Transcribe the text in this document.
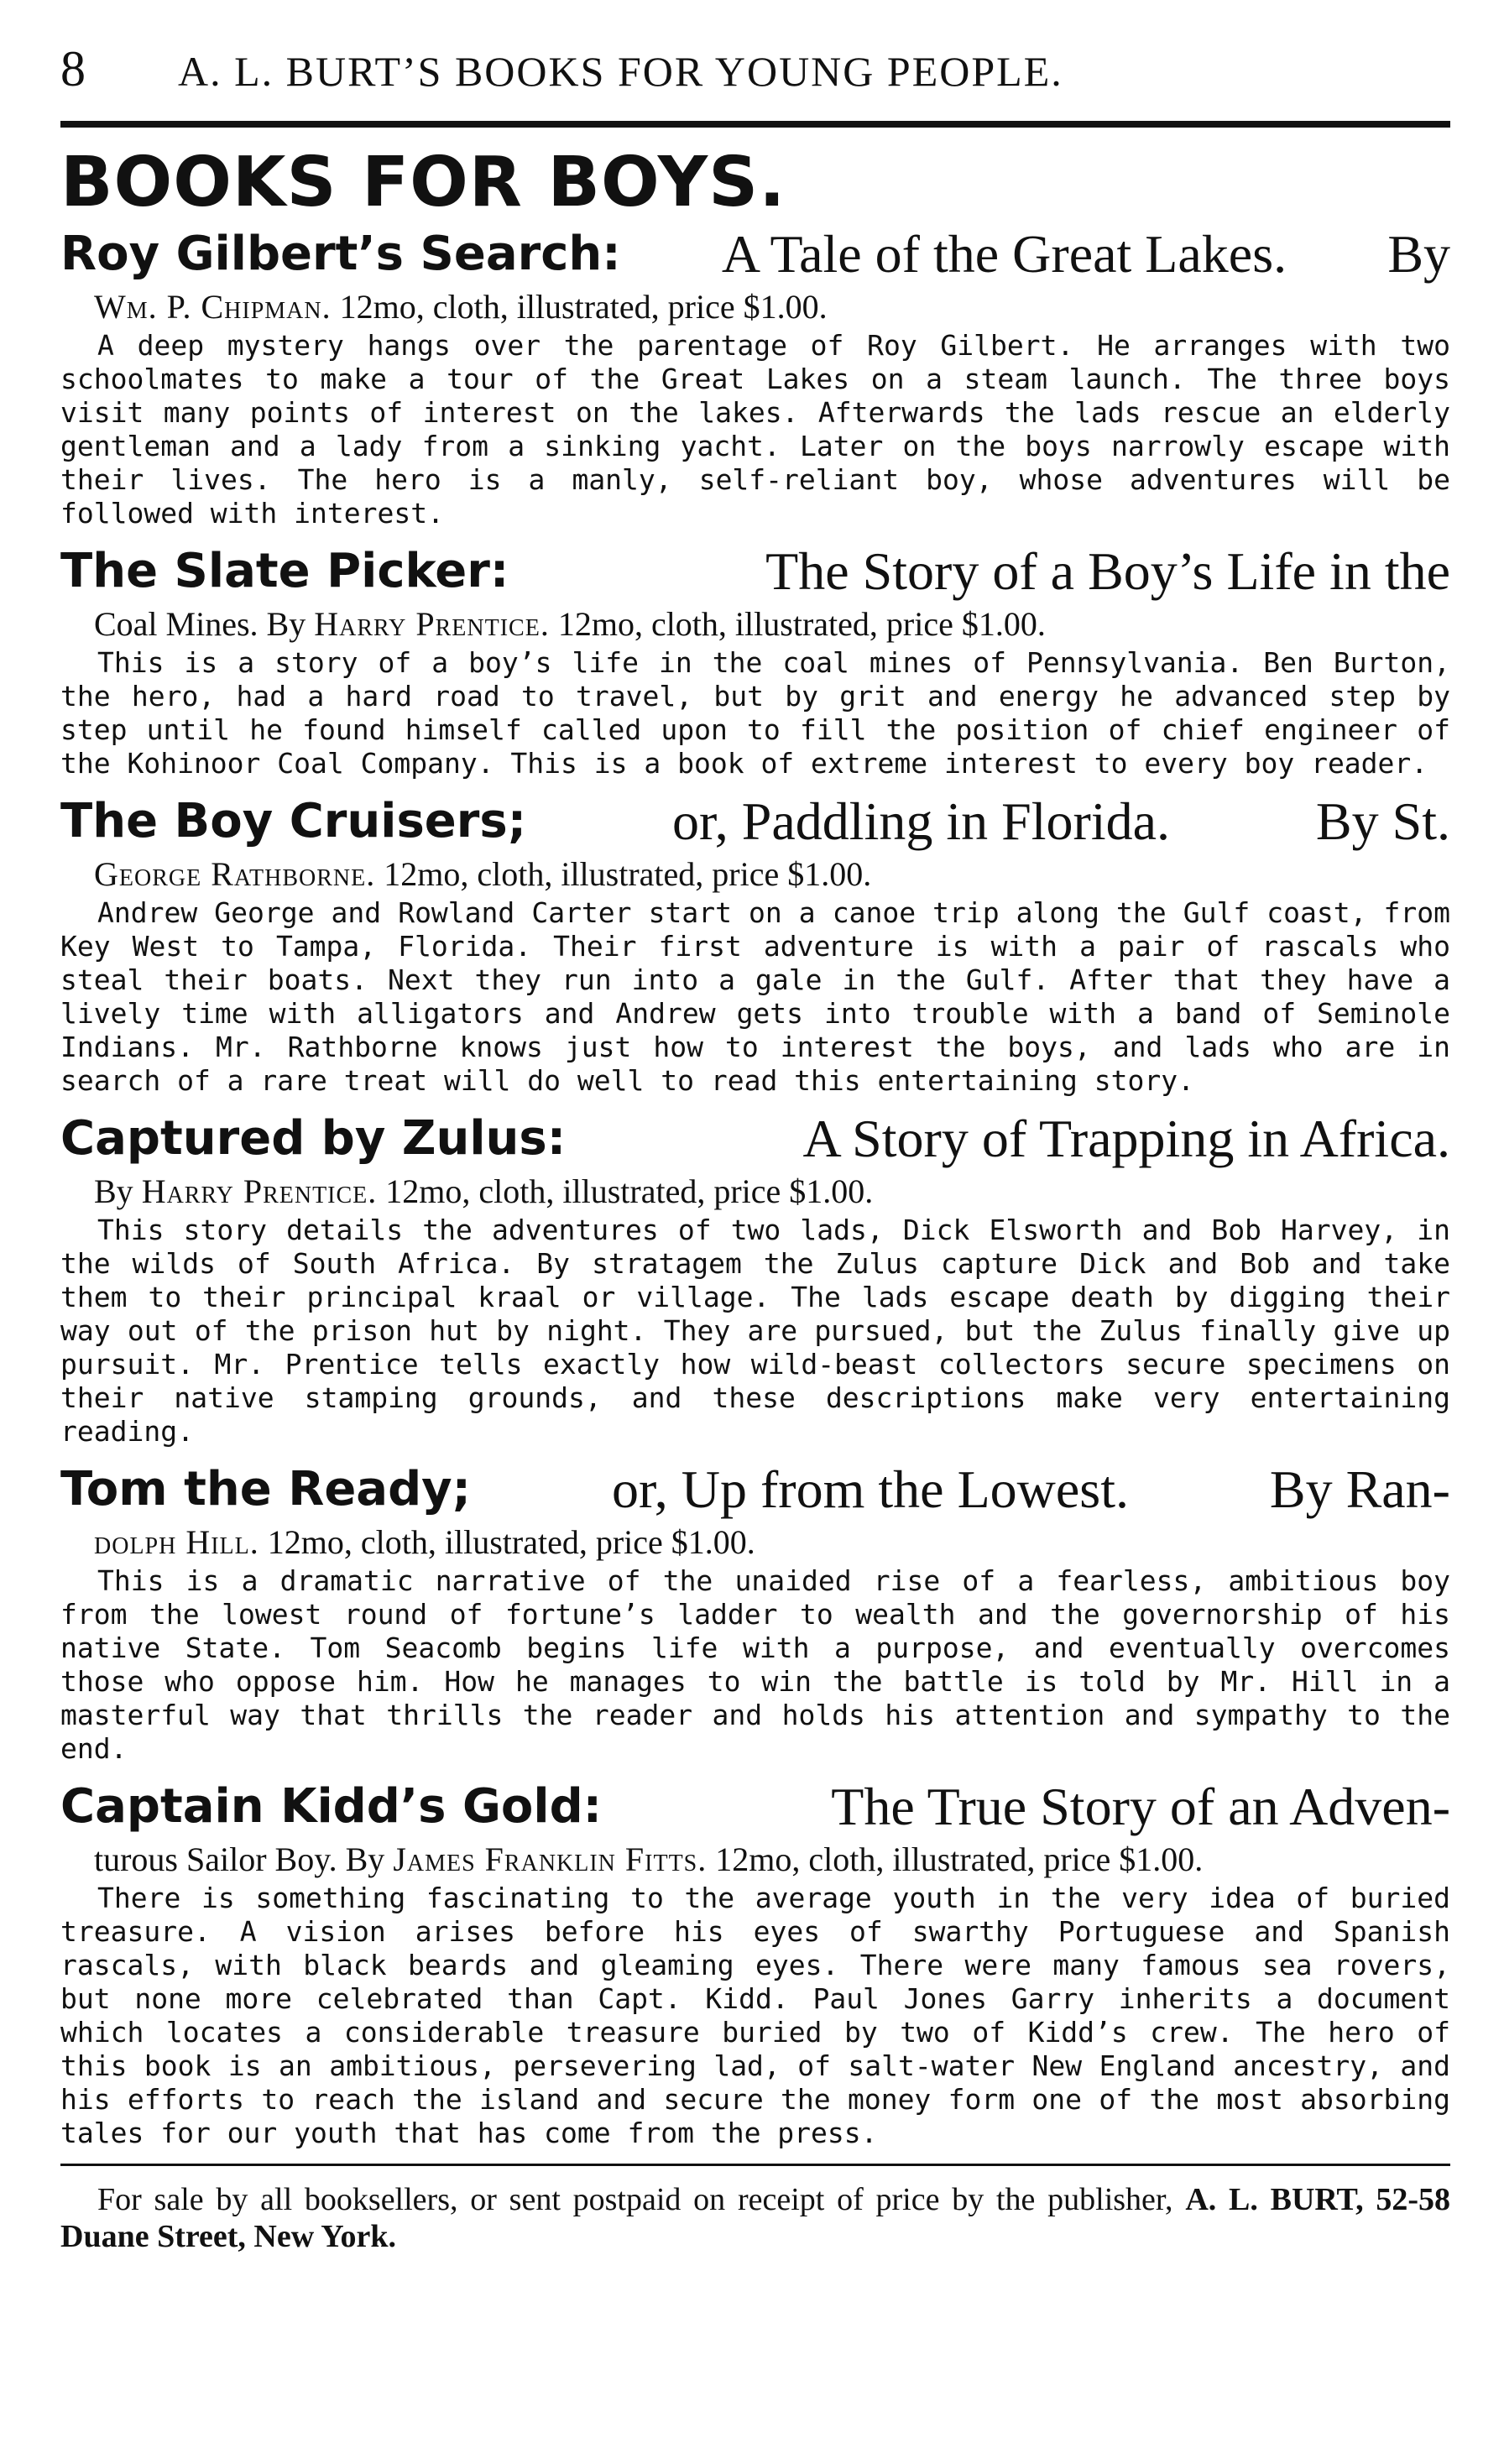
8	A. L. BURT’S BOOKS FOR YOUNG PEOPLE.
BOOKS FOR BOYS.
Roy Gilbert’s Search: A Tale of the Great Lakes. By
Wm. P. Chipman. 12mo, cloth, illustrated, price $1.00.
A deep mystery hangs over the parentage of Roy Gilbert. He arranges with two schoolmates to make a tour of the Great Lakes on a steam launch. The three boys visit many points of interest on the lakes. Afterwards the lads rescue an elderly gentleman and a lady from a sinking yacht. Later on the boys narrowly escape with their lives. The hero is a manly, self-reliant boy, whose adventures will be followed with interest.
The Slate Picker:	The Story of a Boy’s Life in the
Coal Mines. By Harry Prentice. 12mo, cloth, illustrated, price $1.00.
This is a story of a boy’s life in the coal mines of Pennsylvania. Ben Burton, the hero, had a hard road to travel, but by grit and energy he advanced step by step until he found himself called upon to fill the position of chief engineer of the Kohinoor Coal Company. This is a book of extreme interest to every boy reader.
The Boy Cruisers;	or, Paddling in Florida.	By St.
George Rathborne. 12mo, cloth, illustrated, price $1.00.
Andrew George and Rowland Carter start on a canoe trip along the Gulf coast, from Key West to Tampa, Florida. Their first adventure is with a pair of rascals who steal their boats. Next they run into a gale in the Gulf. After that they have a lively time with alligators and Andrew gets into trouble with a band of Seminole Indians. Mr. Rathborne knows just how to interest the boys, and lads who are in search of a rare treat will do well to read this entertaining story.
Captured by Zulus:	A Story of Trapping in Africa.
By Harry Prentice. 12mo, cloth, illustrated, price $1.00.
This story details the adventures of two lads, Dick Elsworth and Bob Harvey, in the wilds of South Africa. By stratagem the Zulus capture Dick and Bob and take them to their principal kraal or village. The lads escape death by digging their way out of the prison hut by night. They are pursued, but the Zulus finally give up pursuit. Mr. Prentice tells exactly how wild-beast collectors secure specimens on their native stamping grounds, and these descriptions make very entertaining reading.
Tom the Ready;	or, Up from the Lowest.	By Ran-
dolph Hill. 12mo, cloth, illustrated, price $1.00.
This is a dramatic narrative of the unaided rise of a fearless, ambitious boy from the lowest round of fortune’s ladder to wealth and the governorship of his native State. Tom Seacomb begins life with a purpose, and eventually overcomes those who oppose him. How he manages to win the battle is told by Mr. Hill in a masterful way that thrills the reader and holds his attention and sympathy to the end.
Captain Kidd’s Gold:	The True Story of an Adven-
turous Sailor Boy. By James Franklin Fitts. 12mo, cloth, illustrated, price $1.00.
There is something fascinating to the average youth in the very idea of buried treasure. A vision arises before his eyes of swarthy Portuguese and Spanish rascals, with black beards and gleaming eyes. There were many famous sea rovers, but none more celebrated than Capt. Kidd. Paul Jones Garry inherits a document which locates a considerable treasure buried by two of Kidd’s crew. The hero of this book is an ambitious, persevering lad, of salt-water New England ancestry, and his efforts to reach the island and secure the money form one of the most absorbing tales for our youth that has come from the press.
For sale by all booksellers, or sent postpaid on receipt of price by the publisher, A. L. BURT, 52-58 Duane Street, New York.
